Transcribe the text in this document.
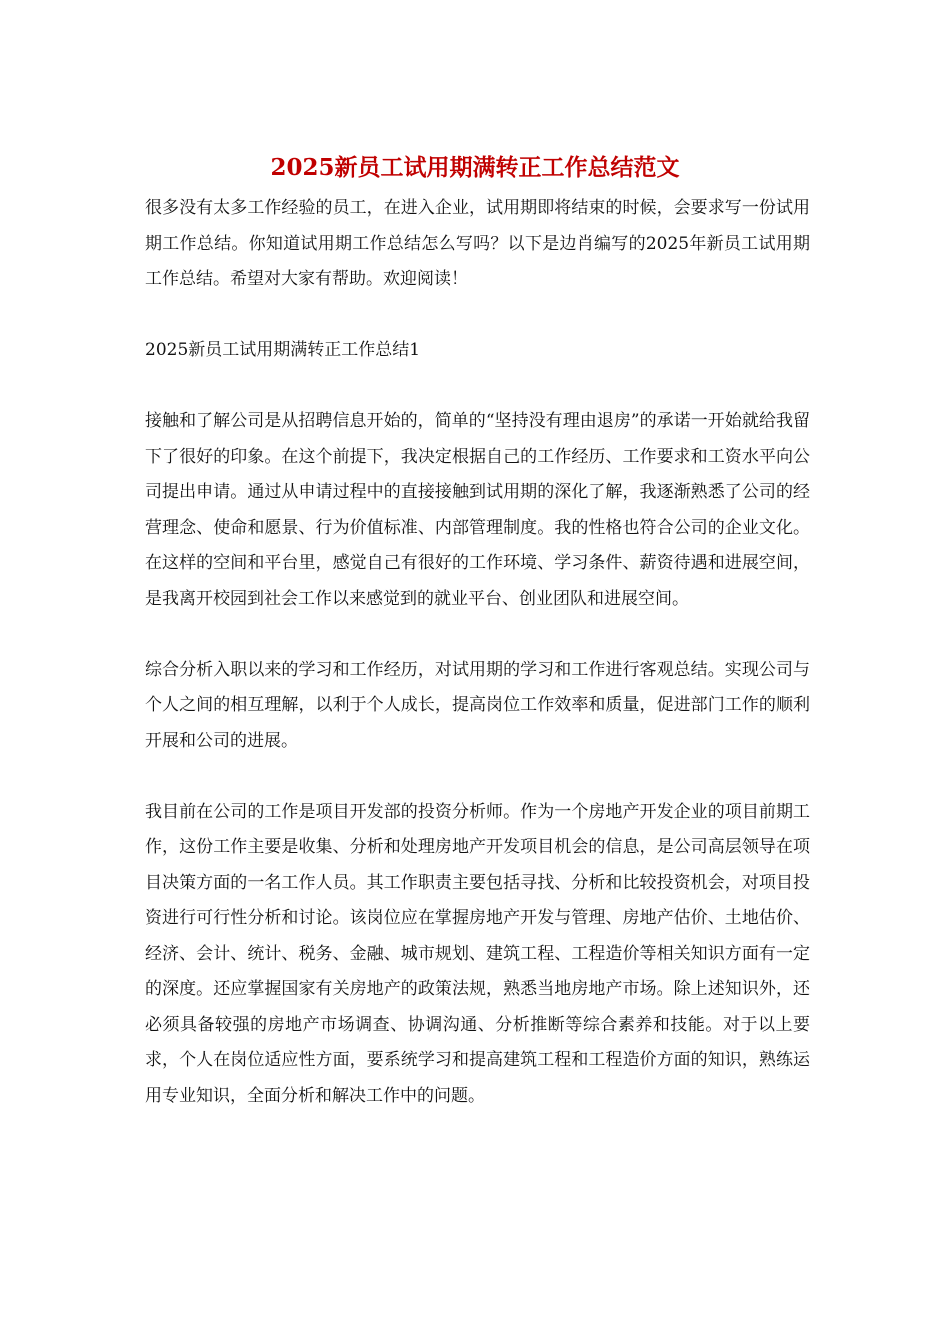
2025新员工试用期满转正工作总结范文

很多没有太多工作经验的员工，在进入企业，试用期即将结束的时候，会要求写一份试用期工作总结。你知道试用期工作总结怎么写吗？以下是边肖编写的2025年新员工试用期工作总结。希望对大家有帮助。欢迎阅读！

2025新员工试用期满转正工作总结1

接触和了解公司是从招聘信息开始的，简单的“坚持没有理由退房”的承诺一开始就给我留下了很好的印象。在这个前提下，我决定根据自己的工作经历、工作要求和工资水平向公司提出申请。通过从申请过程中的直接接触到试用期的深化了解，我逐渐熟悉了公司的经营理念、使命和愿景、行为价值标准、内部管理制度。我的性格也符合公司的企业文化。在这样的空间和平台里，感觉自己有很好的工作环境、学习条件、薪资待遇和进展空间，是我离开校园到社会工作以来感觉到的就业平台、创业团队和进展空间。

综合分析入职以来的学习和工作经历，对试用期的学习和工作进行客观总结。实现公司与个人之间的相互理解，以利于个人成长，提高岗位工作效率和质量，促进部门工作的顺利开展和公司的进展。

我目前在公司的工作是项目开发部的投资分析师。作为一个房地产开发企业的项目前期工作，这份工作主要是收集、分析和处理房地产开发项目机会的信息，是公司高层领导在项目决策方面的一名工作人员。其工作职责主要包括寻找、分析和比较投资机会，对项目投资进行可行性分析和讨论。该岗位应在掌握房地产开发与管理、房地产估价、土地估价、经济、会计、统计、税务、金融、城市规划、建筑工程、工程造价等相关知识方面有一定的深度。还应掌握国家有关房地产的政策法规，熟悉当地房地产市场。除上述知识外，还必须具备较强的房地产市场调查、协调沟通、分析推断等综合素养和技能。对于以上要求，个人在岗位适应性方面，要系统学习和提高建筑工程和工程造价方面的知识，熟练运用专业知识，全面分析和解决工作中的问题。
